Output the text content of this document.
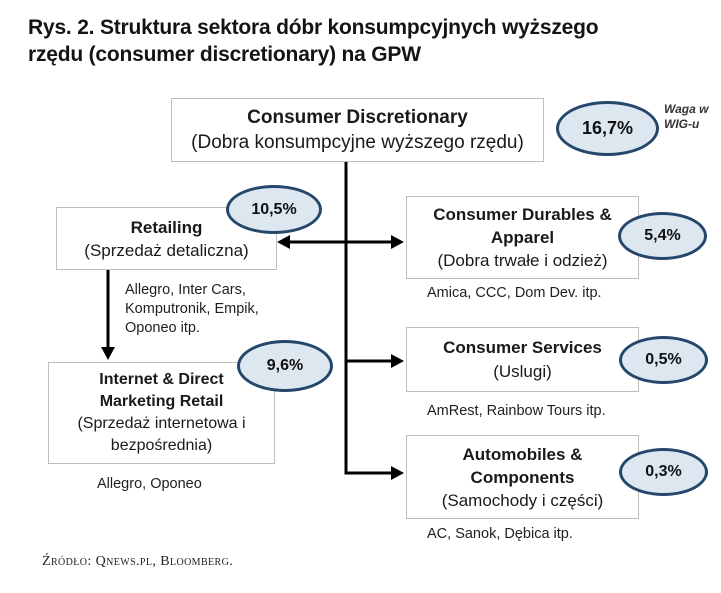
Rys. 2. Struktura sektora dóbr konsumpcyjnych wyższego
rzędu (consumer discretionary) na GPW
Consumer Discretionary
(Dobra konsumpcyjne wyższego rzędu)
Retailing
(Sprzedaż detaliczna)
Internet & Direct
Marketing Retail
(Sprzedaż internetowa i
bezpośrednia)
Consumer Durables &
Apparel
(Dobra trwałe i odzież)
Consumer Services
(Uslugi)
Automobiles &
Components
(Samochody i części)
16,7%
10,5%
9,6%
5,4%
0,5%
0,3%
Waga w
WIG-u
Allegro, Inter Cars,
Komputronik, Empik,
Oponeo itp.
Allegro, Oponeo
Amica, CCC, Dom Dev. itp.
AmRest, Rainbow Tours itp.
AC, Sanok, Dębica itp.
Źródło: Qnews.pl, Bloomberg.
